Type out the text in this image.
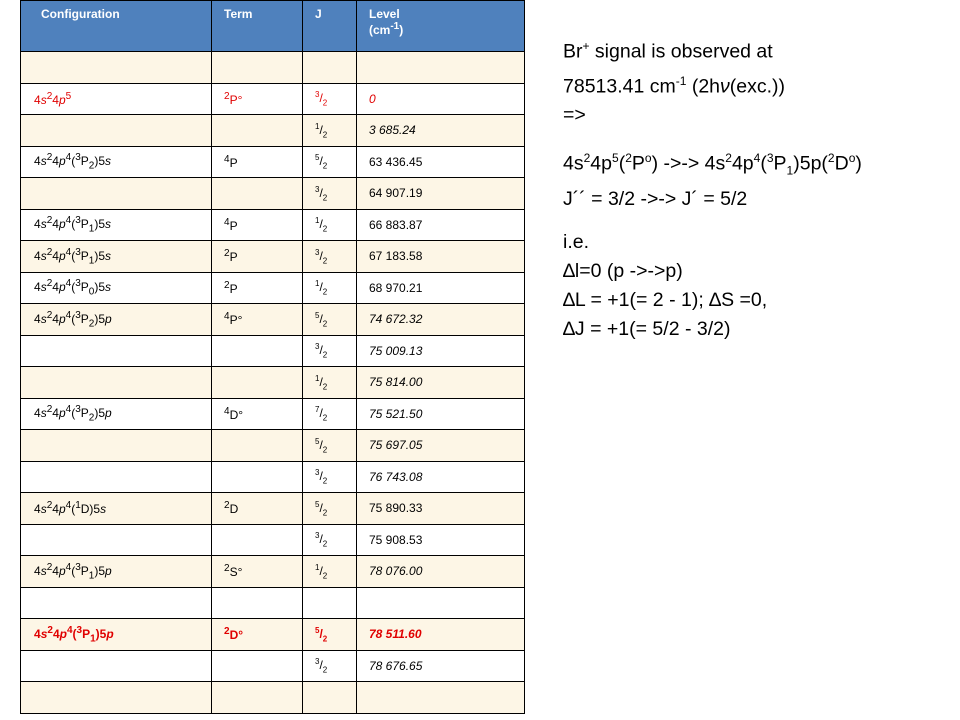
Configuration	Term	J	Level
$(cm^{-1})$

$4s^24p^5$	$^2$P°	$^3/_2$	0
		$^1/_2$	3 685.24
$4s^24p^4(^3P_2)5s$	$^4$P	$^5/_2$	63 436.45
		$^3/_2$	64 907.19
$4s^24p^4(^3P_1)5s$	$^4$P	$^1/_2$	66 883.87
$4s^24p^4(^3P_1)5s$	$^2$P	$^3/_2$	67 183.58
$4s^24p^4(^3P_0)5s$	$^2$P	$^1/_2$	68 970.21
$4s^24p^4(^3P_2)5p$	$^4$P°	$^5/_2$	74 672.32
		$^3/_2$	75 009.13
		$^1/_2$	75 814.00
$4s^24p^4(^3P_2)5p$	$^4$D°	$^7/_2$	75 521.50
		$^5/_2$	75 697.05
		$^3/_2$	76 743.08
$4s^24p^4(^1D)5s$	$^2$D	$^5/_2$	75 890.33
		$^3/_2$	75 908.53
$4s^24p^4(^3P_1)5p$	$^2$S°	$^1/_2$	78 076.00

$4s^24p^4(^3P_1)5p$	$^2$D°	$^5/_2$	78 511.60
		$^3/_2$	78 676.65

Br+ signal is observed at
78513.41 $cm^{-1}$ (2hν(exc.))
=>
$4s^24p^5(^2P^o)$ ->-> $4s^24p^4(^3P_1)5p(^2D^o)$
J´´ = 3/2 ->-> J´ = 5/2
i.e.
∆l=0 (p ->->p)
∆L = +1(= 2 - 1); ∆S =0,
∆J = +1(= 5/2 - 3/2)
